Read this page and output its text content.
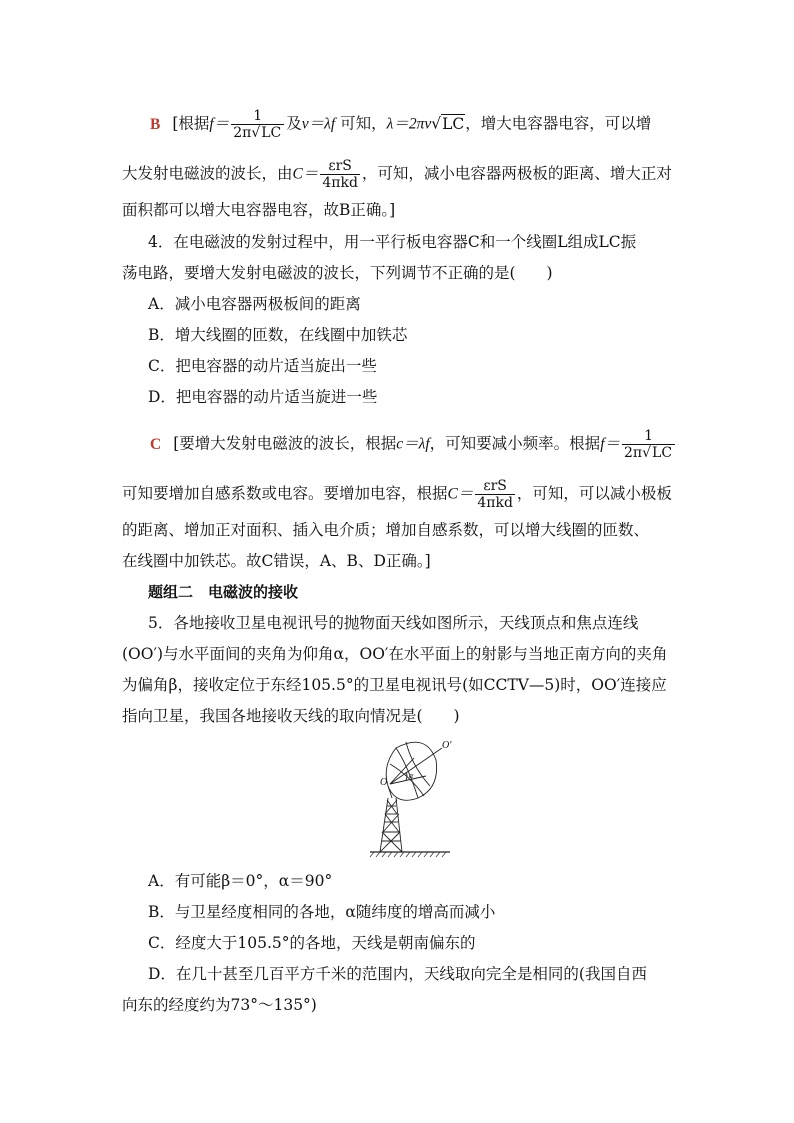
B [根据$f= \frac{1}{2\pi√LC}$ 及v＝λf 可知，λ＝2πv√LC，增大电容器电容，可以增
大发射电磁波的波长，由$C= \frac{\text{εrS}}{\text{4πkd}}$ ，可知，减小电容器两极板的距离、增大正对
面积都可以增大电容器电容，故B正确。]
4．在电磁波的发射过程中，用一平行板电容器C和一个线圈L组成LC振
荡电路，要增大发射电磁波的波长，下列调节不正确的是(　　)
A．减小电容器两极板间的距离
B．增大线圈的匝数，在线圈中加铁芯
C．把电容器的动片适当旋出一些
D．把电容器的动片适当旋进一些
C [要增大发射电磁波的波长，根据c＝λf，可知要减小频率。根据$f= \frac{1}{2\pi√LC}$
可知要增加自感系数或电容。要增加电容，根据$C= \frac{\text{εrS}}{\text{4πkd}}$ ，可知，可以减小极板
的距离、增加正对面积、插入电介质；增加自感系数，可以增大线圈的匝数、
在线圈中加铁芯。故C错误，A、B、D正确。]
题组二　电磁波的接收
5．各地接收卫星电视讯号的抛物面天线如图所示，天线顶点和焦点连线
(OO′)与水平面间的夹角为仰角α，OO′在水平面上的射影与当地正南方向的夹角
为偏角β，接收定位于东经105.5°的卫星电视讯号(如CCTV—5)时，OO′连接应
指向卫星，我国各地接收天线的取向情况是(　　)
O
O′
α
A．有可能β＝0°，α＝90°
B．与卫星经度相同的各地，α随纬度的增高而减小
C．经度大于105.5°的各地，天线是朝南偏东的
D．在几十甚至几百平方千米的范围内，天线取向完全是相同的(我国自西
向东的经度约为73°～135°)
